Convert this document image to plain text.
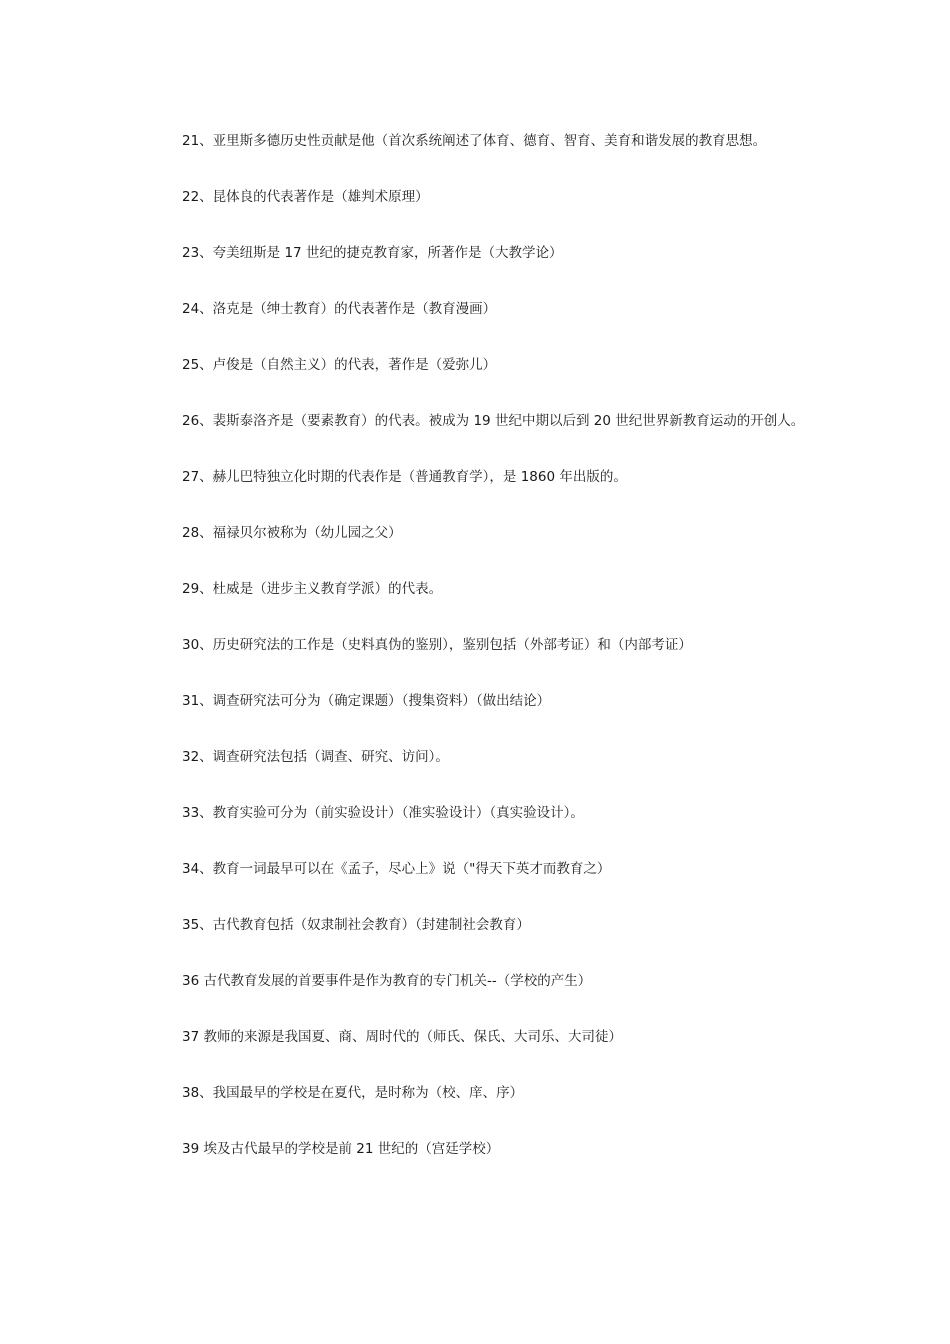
21、亚里斯多德历史性贡献是他（首次系统阐述了体育、德育、智育、美育和谐发展的教育思想。

22、昆体良的代表著作是（雄判术原理）

23、夸美纽斯是 17 世纪的捷克教育家，所著作是（大教学论）

24、洛克是（绅士教育）的代表著作是（教育漫画）

25、卢俊是（自然主义）的代表，著作是（爱弥儿）

26、裴斯泰洛齐是（要素教育）的代表。被成为 19 世纪中期以后到 20 世纪世界新教育运动的开创人。

27、赫儿巴特独立化时期的代表作是（普通教育学），是 1860 年出版的。

28、福禄贝尔被称为（幼儿园之父）

29、杜威是（进步主义教育学派）的代表。

30、历史研究法的工作是（史料真伪的鉴别），鉴别包括（外部考证）和（内部考证）

31、调查研究法可分为（确定课题）（搜集资料）（做出结论）

32、调查研究法包括（调查、研究、访问）。

33、教育实验可分为（前实验设计）（准实验设计）（真实验设计）。

34、教育一词最早可以在《孟子，尽心上》说（"得天下英才而教育之）

35、古代教育包括（奴隶制社会教育）（封建制社会教育）

36 古代教育发展的首要事件是作为教育的专门机关--（学校的产生）

37 教师的来源是我国夏、商、周时代的（师氏、保氏、大司乐、大司徒）

38、我国最早的学校是在夏代，是时称为（校、庠、序）

39 埃及古代最早的学校是前 21 世纪的（宫廷学校）
